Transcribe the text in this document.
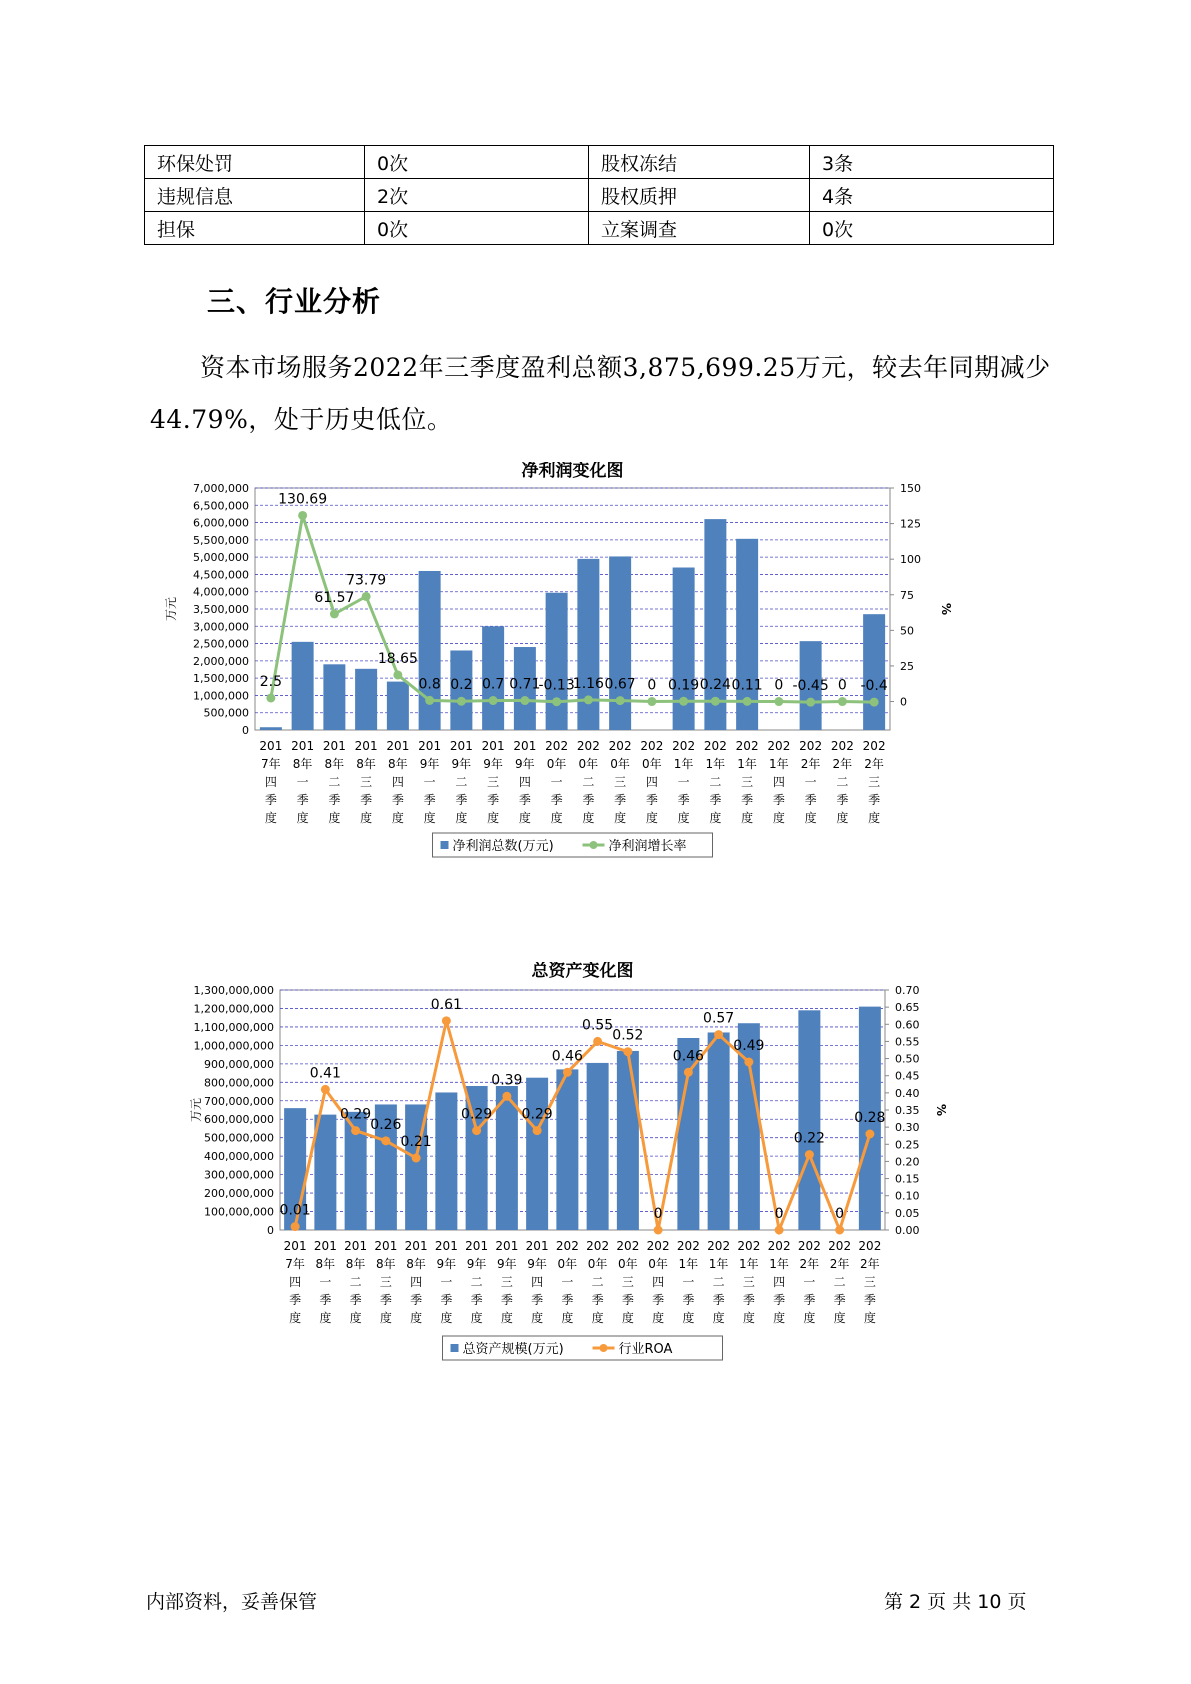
环保处罚	0次	股权冻结	3条
违规信息	2次	股权质押	4条
担保	0次	立案调查	0次
三、行业分析
资本市场服务2022年三季度盈利总额3,875,699.25万元，较去年同期减少44.79%，处于历史低位。
0
500,000
1,000,000
1,500,000
2,000,000
2,500,000
3,000,000
3,500,000
4,000,000
4,500,000
5,000,000
5,500,000
6,000,000
6,500,000
7,000,000
0
25
50
75
100
125
150
万元	%
2.5
130.69
61.57
73.79
18.65
0.8 0.2 0.7 0.71
-0.13
1.16 0.67 0 0.19 0.24 0.11 0 -0.45 0 -0.4
201 7年四季度
201 8年一季度
201 8年二季度
201 8年三季度
201 8年四季度
201 9年一季度
201 9年二季度
201 9年三季度
201 9年四季度
202 0年一季度
202 0年二季度
202 0年三季度
202 0年四季度
202 1年一季度
202 1年二季度
202 1年三季度
202 1年四季度
202 2年一季度
202 2年二季度
202 2年三季度
净利润总数(万元)	净利润增长率
净利润变化图
0
100,000,000
200,000,000
300,000,000
400,000,000
500,000,000
600,000,000
700,000,000
800,000,000
900,000,000
1,000,000,000
1,100,000,000
1,200,000,000
1,300,000,000
0.00
0.05
0.10
0.15
0.20
0.25
0.30
0.35
0.40
0.45
0.50
0.55
0.60
0.65
0.70
万元	%
0.01
0.41
0.29
0.26
0.21
0.61
0.29
0.39
0.29
0.46
0.55
0.52
0
0.46
0.57
0.49
0
0.22
0
0.28
201 7年四季度
201 8年一季度
201 8年二季度
201 8年三季度
201 8年四季度
201 9年一季度
201 9年二季度
201 9年三季度
201 9年四季度
202 0年一季度
202 0年二季度
202 0年三季度
202 0年四季度
202 1年一季度
202 1年二季度
202 1年三季度
202 1年四季度
202 2年一季度
202 2年二季度
202 2年三季度
总资产规模(万元)	行业ROA
总资产变化图
内部资料，妥善保管	第 2 页 共 10 页
